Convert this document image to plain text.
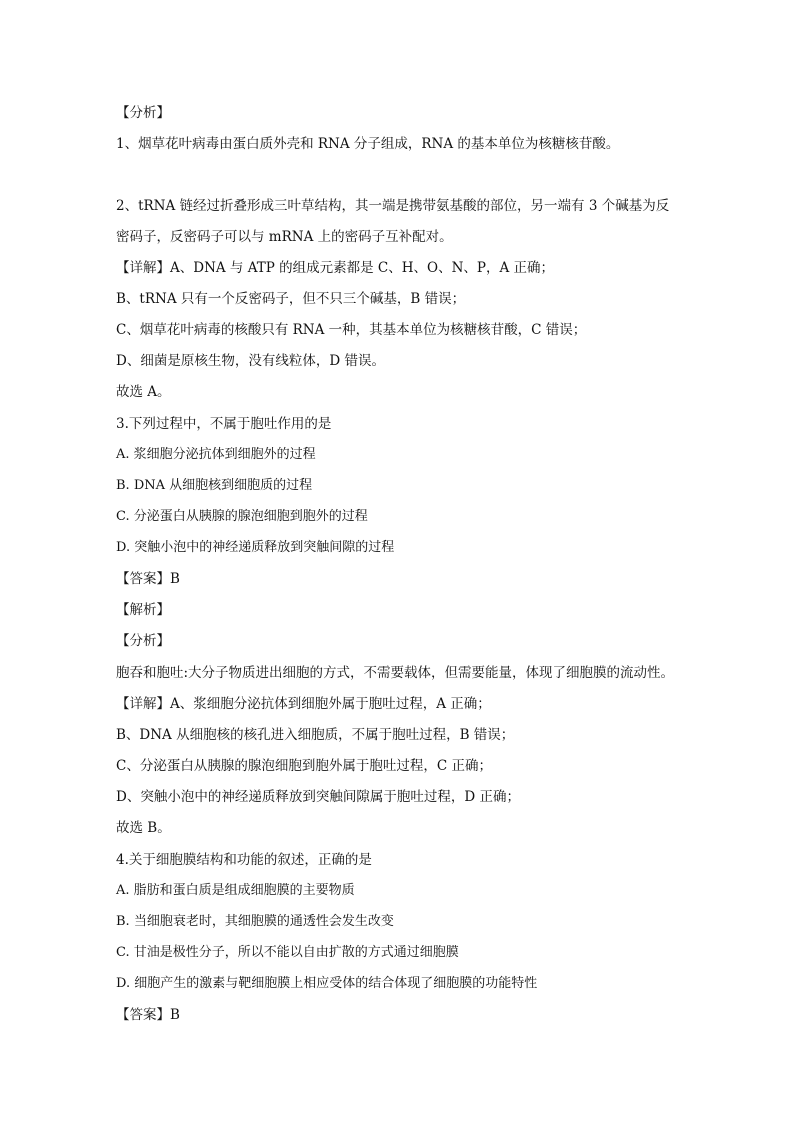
【分析】
1、烟草花叶病毒由蛋白质外壳和 RNA 分子组成，RNA 的基本单位为核糖核苷酸。
2、tRNA 链经过折叠形成三叶草结构，其一端是携带氨基酸的部位，另一端有 3 个碱基为反
密码子，反密码子可以与 mRNA 上的密码子互补配对。
【详解】A、DNA 与 ATP 的组成元素都是 C、H、O、N、P，A 正确；
B、tRNA 只有一个反密码子，但不只三个碱基，B 错误；
C、烟草花叶病毒的核酸只有 RNA 一种，其基本单位为核糖核苷酸，C 错误；
D、细菌是原核生物，没有线粒体，D 错误。
故选 A。
3.下列过程中，不属于胞吐作用的是
A. 浆细胞分泌抗体到细胞外的过程
B. DNA 从细胞核到细胞质的过程
C. 分泌蛋白从胰腺的腺泡细胞到胞外的过程
D. 突触小泡中的神经递质释放到突触间隙的过程
【答案】B
【解析】
【分析】
胞吞和胞吐:大分子物质进出细胞的方式，不需要载体，但需要能量，体现了细胞膜的流动性。
【详解】A、浆细胞分泌抗体到细胞外属于胞吐过程，A 正确；
B、DNA 从细胞核的核孔进入细胞质，不属于胞吐过程，B 错误；
C、分泌蛋白从胰腺的腺泡细胞到胞外属于胞吐过程，C 正确；
D、突触小泡中的神经递质释放到突触间隙属于胞吐过程，D 正确；
故选 B。
4.关于细胞膜结构和功能的叙述，正确的是
A. 脂肪和蛋白质是组成细胞膜的主要物质
B. 当细胞衰老时，其细胞膜的通透性会发生改变
C. 甘油是极性分子，所以不能以自由扩散的方式通过细胞膜
D. 细胞产生的激素与靶细胞膜上相应受体的结合体现了细胞膜的功能特性
【答案】B
